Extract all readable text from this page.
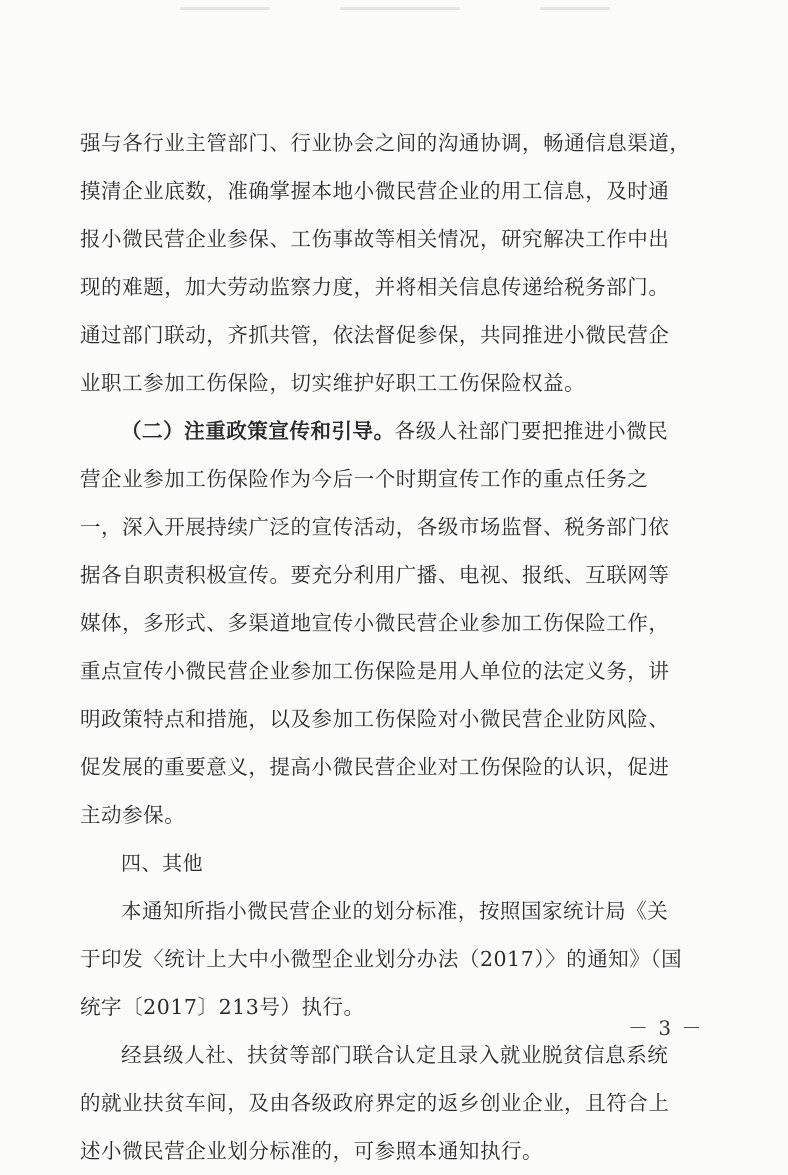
强与各行业主管部门、行业协会之间的沟通协调，畅通信息渠道，
摸清企业底数，准确掌握本地小微民营企业的用工信息，及时通
报小微民营企业参保、工伤事故等相关情况，研究解决工作中出
现的难题，加大劳动监察力度，并将相关信息传递给税务部门。
通过部门联动，齐抓共管，依法督促参保，共同推进小微民营企
业职工参加工伤保险，切实维护好职工工伤保险权益。
（二）注重政策宣传和引导。各级人社部门要把推进小微民
营企业参加工伤保险作为今后一个时期宣传工作的重点任务之
一，深入开展持续广泛的宣传活动，各级市场监督、税务部门依
据各自职责积极宣传。要充分利用广播、电视、报纸、互联网等
媒体，多形式、多渠道地宣传小微民营企业参加工伤保险工作，
重点宣传小微民营企业参加工伤保险是用人单位的法定义务，讲
明政策特点和措施，以及参加工伤保险对小微民营企业防风险、
促发展的重要意义，提高小微民营企业对工伤保险的认识，促进
主动参保。
四、其他
本通知所指小微民营企业的划分标准，按照国家统计局《关
于印发〈统计上大中小微型企业划分办法（2017）〉的通知》（国
统字〔2017〕213号）执行。
经县级人社、扶贫等部门联合认定且录入就业脱贫信息系统
的就业扶贫车间，及由各级政府界定的返乡创业企业，且符合上
述小微民营企业划分标准的，可参照本通知执行。
－ 3 －
